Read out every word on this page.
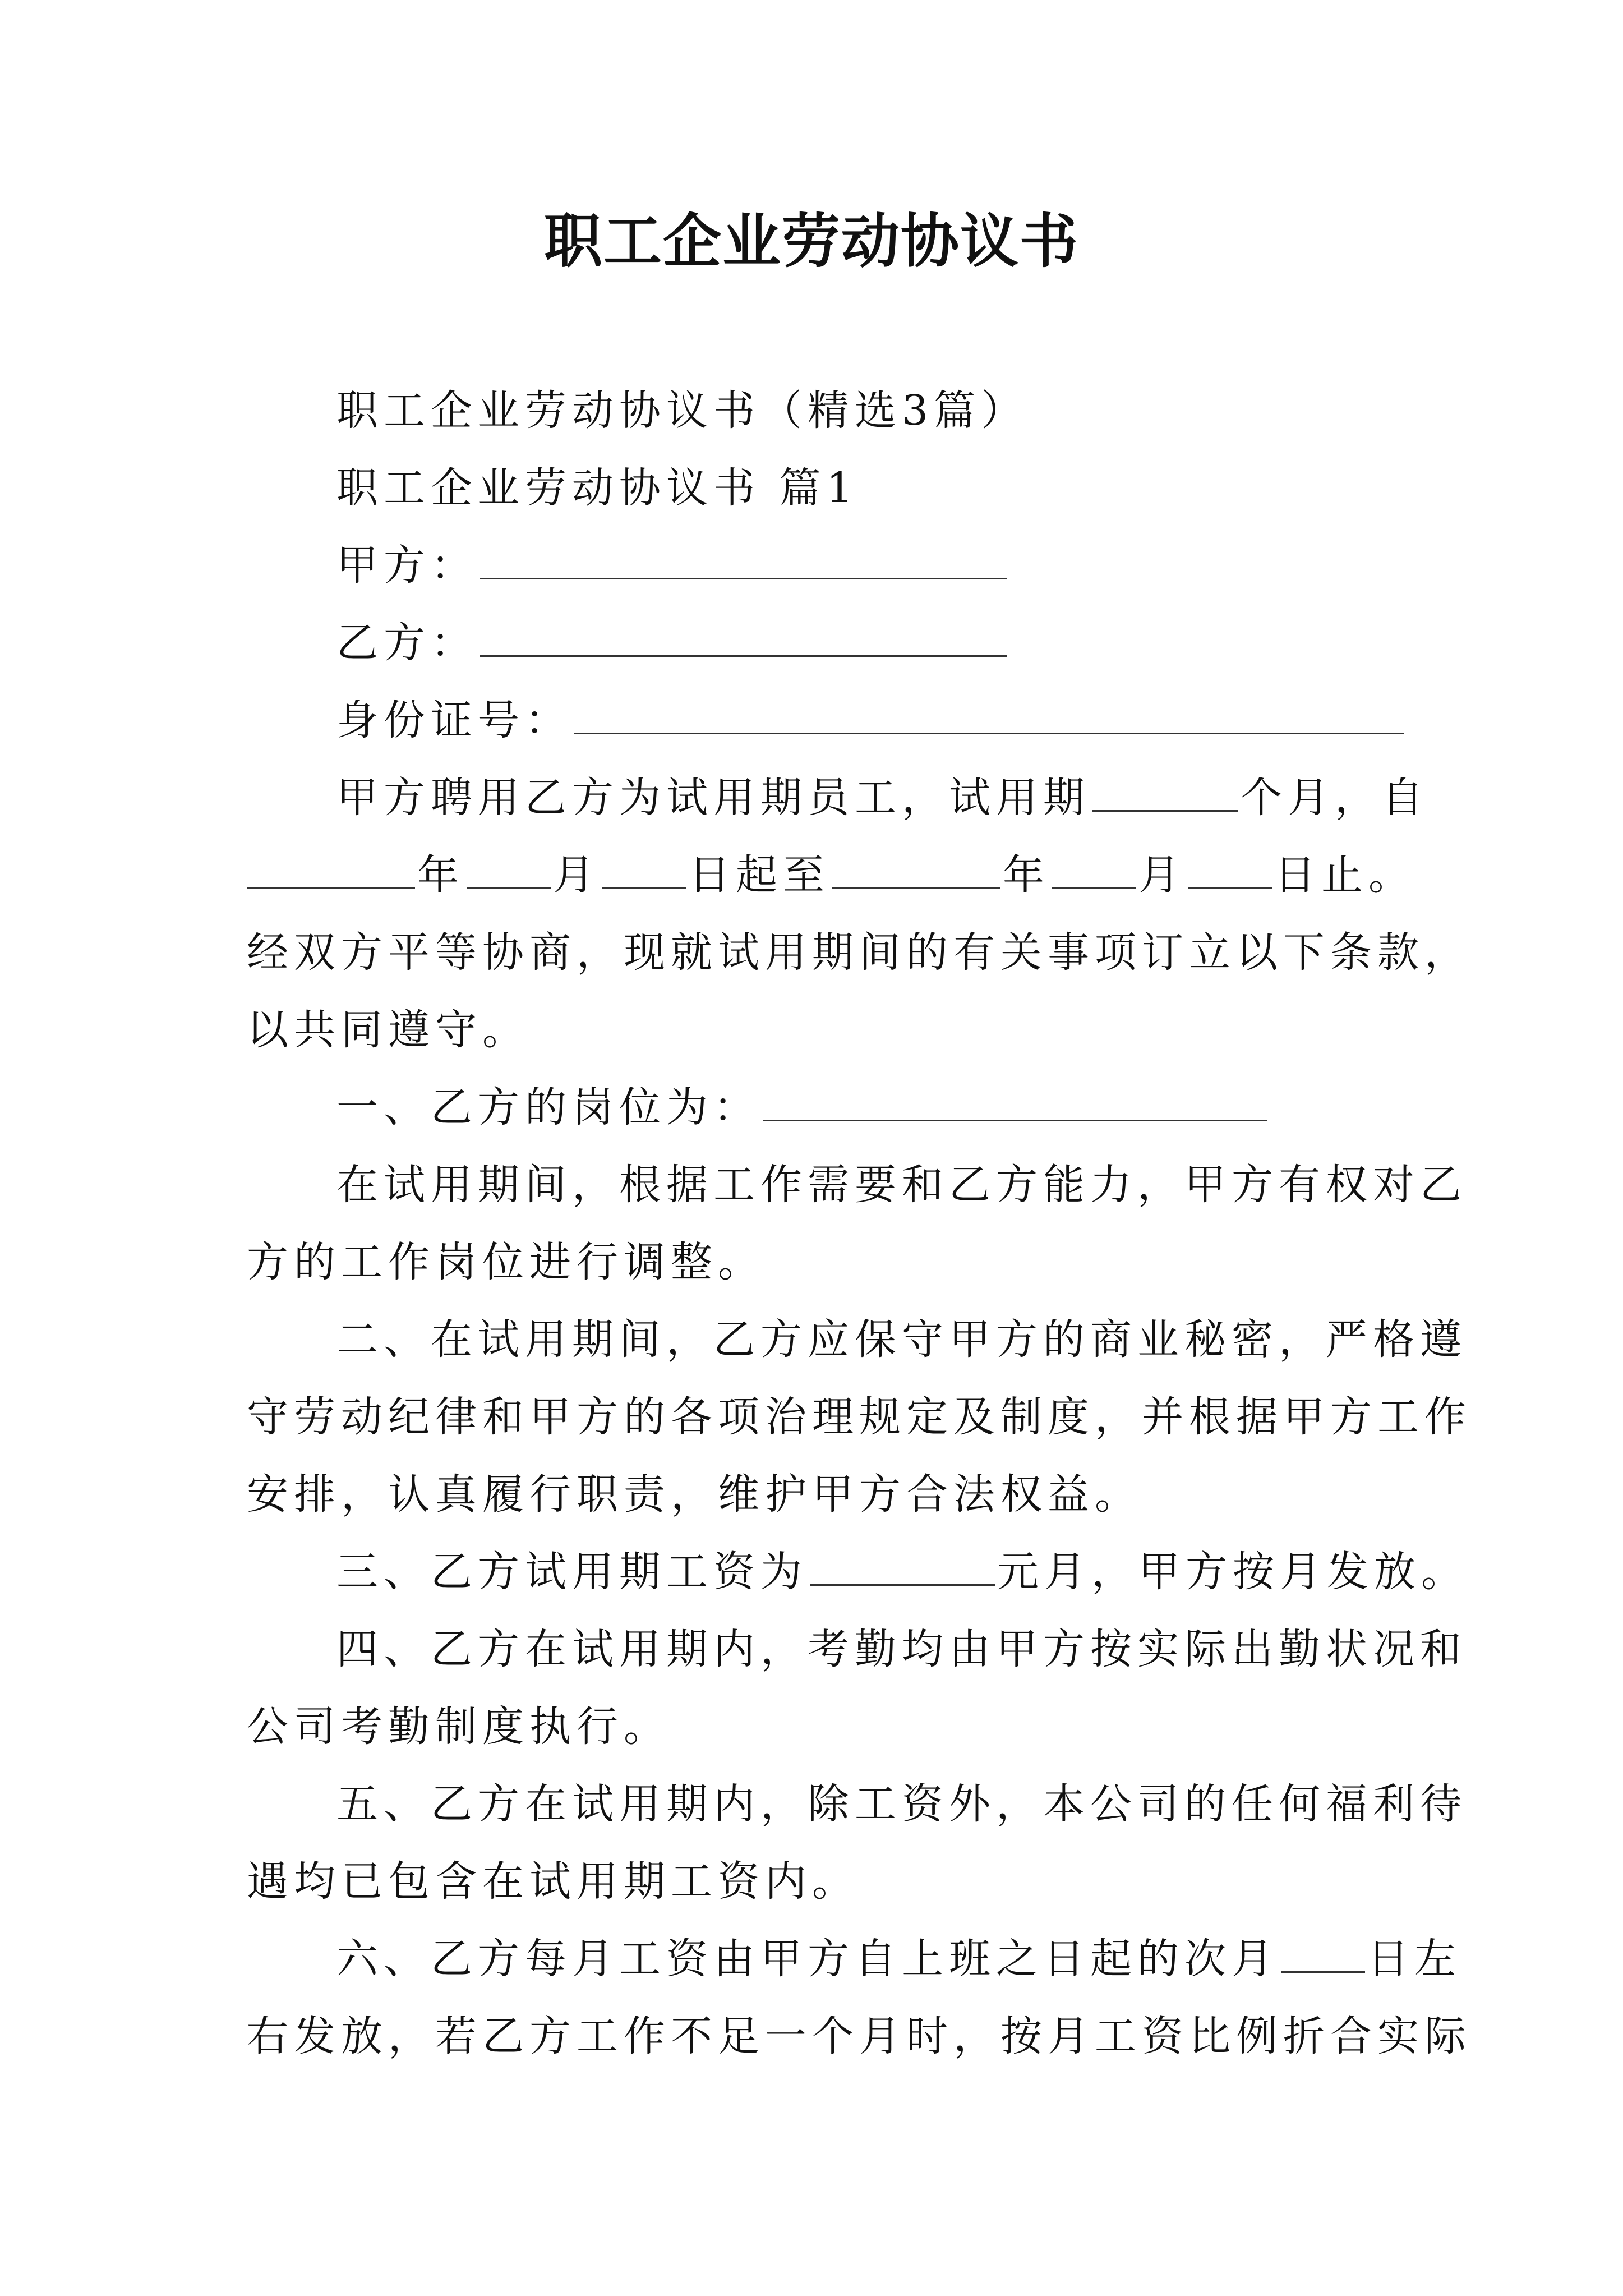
职工企业劳动协议书
职工企业劳动协议书（精选3篇）
职工企业劳动协议书 篇1
甲方：
乙方：
身份证号：
甲方聘用乙方为试用期员工，试用期	个月，自
年 月 日起至	年 月 日止。
经双方平等协商，现就试用期间的有关事项订立以下条款，
以共同遵守。
一、乙方的岗位为：
在试用期间，根据工作需要和乙方能力，甲方有权对乙
方的工作岗位进行调整。
二、在试用期间，乙方应保守甲方的商业秘密，严格遵
守劳动纪律和甲方的各项治理规定及制度，并根据甲方工作
安排，认真履行职责，维护甲方合法权益。
三、乙方试用期工资为	元月，甲方按月发放。
四、乙方在试用期内，考勤均由甲方按实际出勤状况和
公司考勤制度执行。
五、乙方在试用期内，除工资外，本公司的任何福利待
遇均已包含在试用期工资内。
六、乙方每月工资由甲方自上班之日起的次月 日左
右发放，若乙方工作不足一个月时，按月工资比例折合实际
